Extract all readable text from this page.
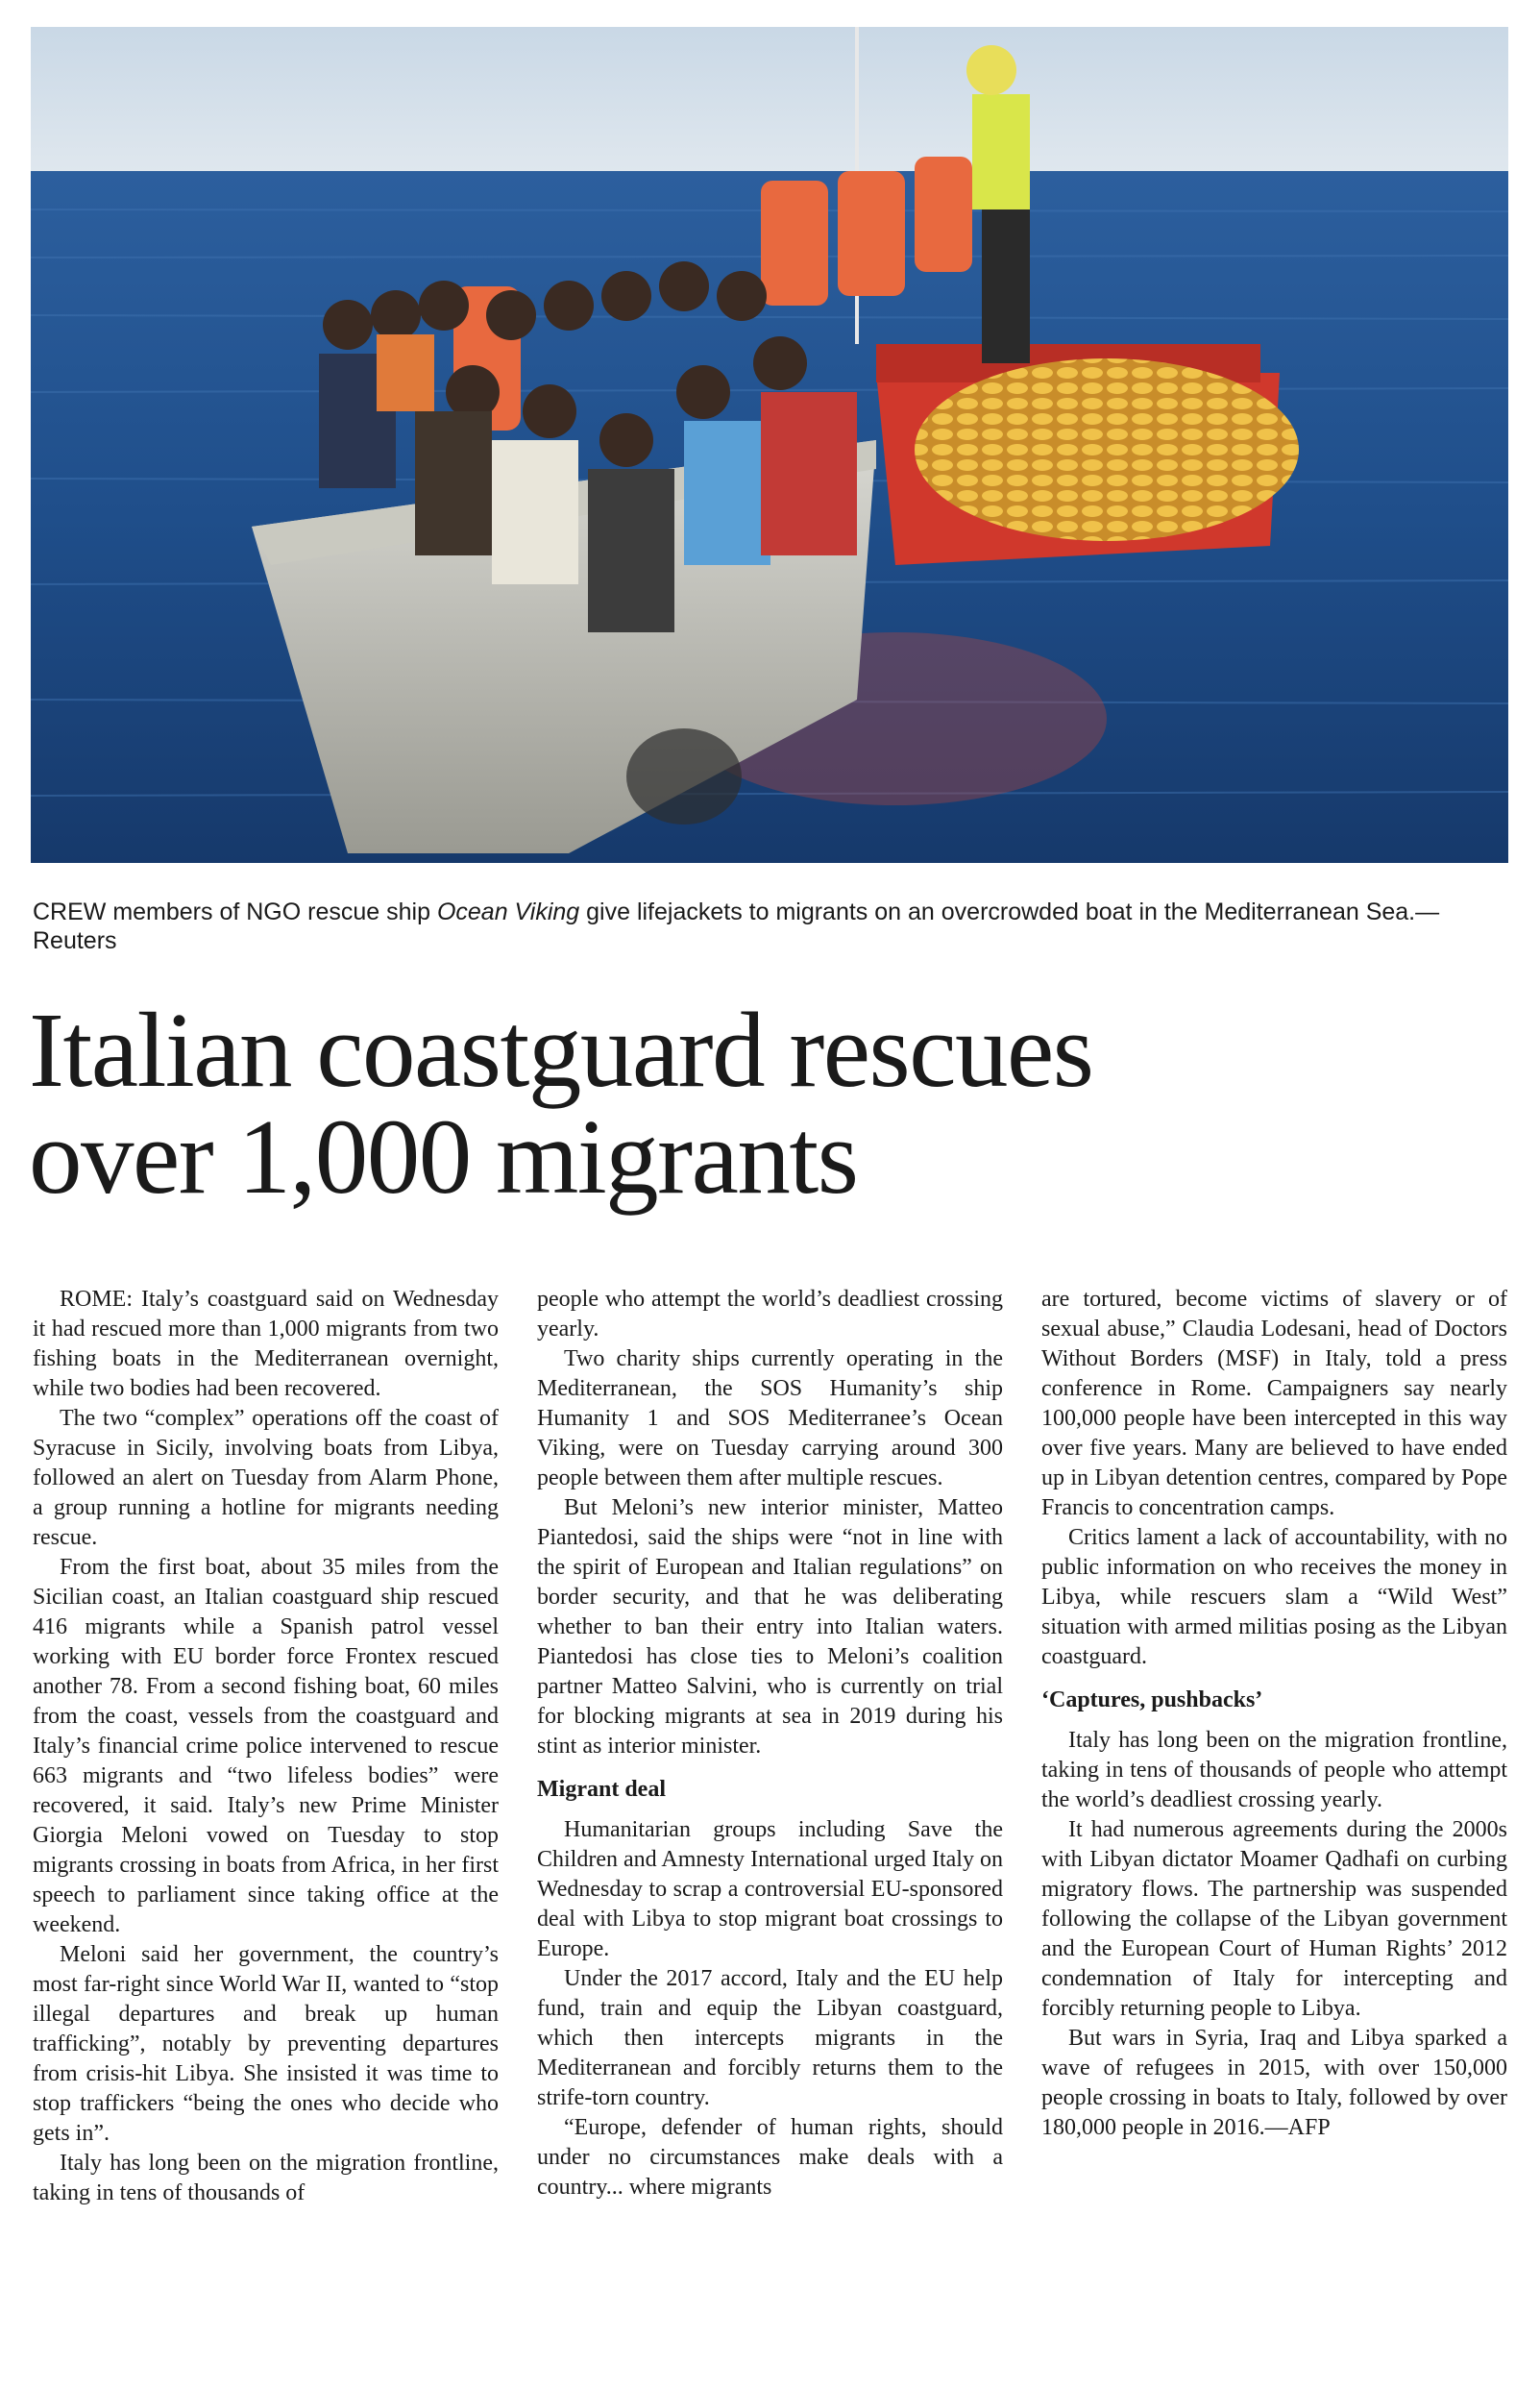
CREW members of NGO rescue ship Ocean Viking give lifejackets to migrants on an overcrowded boat in the Mediterranean Sea.—Reuters
Italian coastguard rescues
over 1,000 migrants

ROME: Italy’s coastguard said on Wednesday it had rescued more than 1,000 migrants from two fishing boats in the Mediterranean overnight, while two bodies had been recovered.

The two “complex” operations off the coast of Syracuse in Sicily, involving boats from Libya, followed an alert on Tuesday from Alarm Phone, a group running a hotline for migrants needing rescue.

From the first boat, about 35 miles from the Sicilian coast, an Italian coastguard ship rescued 416 migrants while a Spanish patrol vessel working with EU border force Frontex rescued another 78. From a second fishing boat, 60 miles from the coast, vessels from the coastguard and Italy’s financial crime police intervened to rescue 663 migrants and “two lifeless bodies” were recovered, it said. Italy’s new Prime Minister Giorgia Meloni vowed on Tuesday to stop migrants crossing in boats from Africa, in her first speech to parliament since taking office at the weekend.

Meloni said her government, the country’s most far-right since World War II, wanted to “stop illegal departures and break up human trafficking”, notably by preventing departures from crisis-hit Libya. She insisted it was time to stop traffickers “being the ones who decide who gets in”.

Italy has long been on the migration frontline, taking in tens of thousands of

people who attempt the world’s deadliest crossing yearly.

Two charity ships currently operating in the Mediterranean, the SOS Humanity’s ship Humanity 1 and SOS Mediterranee’s Ocean Viking, were on Tuesday carrying around 300 people between them after multiple rescues.

But Meloni’s new interior minister, Matteo Piantedosi, said the ships were “not in line with the spirit of European and Italian regulations” on border security, and that he was deliberating whether to ban their entry into Italian waters. Piantedosi has close ties to Meloni’s coalition partner Matteo Salvini, who is currently on trial for blocking migrants at sea in 2019 during his stint as interior minister.

Migrant deal

Humanitarian groups including Save the Children and Amnesty International urged Italy on Wednesday to scrap a controversial EU-sponsored deal with Libya to stop migrant boat crossings to Europe.

Under the 2017 accord, Italy and the EU help fund, train and equip the Libyan coastguard, which then intercepts migrants in the Mediterranean and forcibly returns them to the strife-torn country.

“Europe, defender of human rights, should under no circumstances make deals with a country... where migrants

are tortured, become victims of slavery or of sexual abuse,” Claudia Lodesani, head of Doctors Without Borders (MSF) in Italy, told a press conference in Rome. Campaigners say nearly 100,000 people have been intercepted in this way over five years. Many are believed to have ended up in Libyan detention centres, compared by Pope Francis to concentration camps.

Critics lament a lack of accountability, with no public information on who receives the money in Libya, while rescuers slam a “Wild West” situation with armed militias posing as the Libyan coastguard.

‘Captures, pushbacks’

Italy has long been on the migration frontline, taking in tens of thousands of people who attempt the world’s deadliest crossing yearly.

It had numerous agreements during the 2000s with Libyan dictator Moamer Qadhafi on curbing migratory flows. The partnership was suspended following the collapse of the Libyan government and the European Court of Human Rights’ 2012 condemnation of Italy for intercepting and forcibly returning people to Libya.

But wars in Syria, Iraq and Libya sparked a wave of refugees in 2015, with over 150,000 people crossing in boats to Italy, followed by over 180,000 people in 2016.—AFP
